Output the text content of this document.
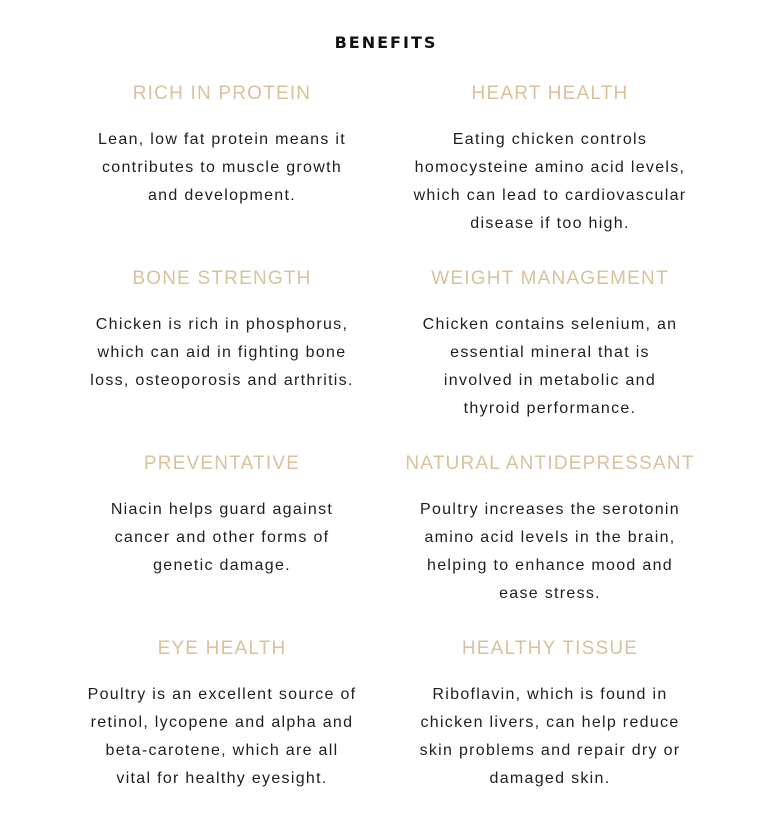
BENEFITS
RICH IN PROTEIN

Lean, low fat protein means it
contributes to muscle growth
and development.

HEART HEALTH

Eating chicken controls
homocysteine amino acid levels,
which can lead to cardiovascular
disease if too high.

BONE STRENGTH

Chicken is rich in phosphorus,
which can aid in fighting bone
loss, osteoporosis and arthritis.

WEIGHT MANAGEMENT

Chicken contains selenium, an
essential mineral that is
involved in metabolic and
thyroid performance.

PREVENTATIVE

Niacin helps guard against
cancer and other forms of
genetic damage.

NATURAL ANTIDEPRESSANT

Poultry increases the serotonin
amino acid levels in the brain,
helping to enhance mood and
ease stress.

EYE HEALTH

Poultry is an excellent source of
retinol, lycopene and alpha and
beta-carotene, which are all
vital for healthy eyesight.

HEALTHY TISSUE

Riboflavin, which is found in
chicken livers, can help reduce
skin problems and repair dry or
damaged skin.
